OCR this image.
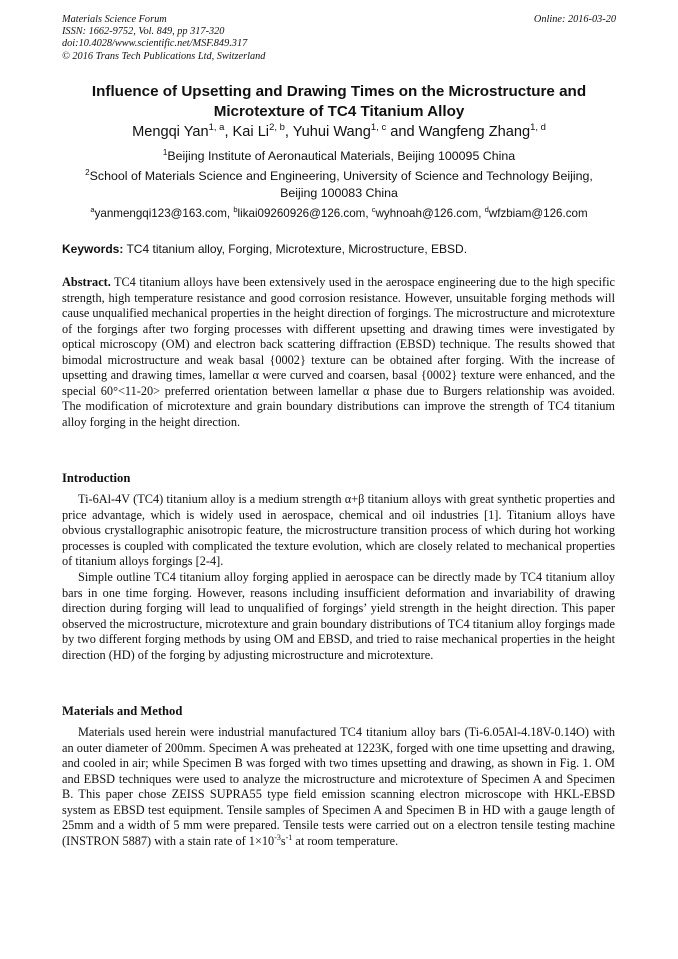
Materials Science Forum
ISSN: 1662-9752, Vol. 849, pp 317-320
doi:10.4028/www.scientific.net/MSF.849.317
© 2016 Trans Tech Publications Ltd, Switzerland
Online: 2016-03-20
Influence of Upsetting and Drawing Times on the Microstructure and
Microtexture of TC4 Titanium Alloy
Mengqi Yan$^{1, a}$, Kai Li$^{2, b}$, Yuhui Wang$^{1, c}$ and Wangfeng Zhang$^{1, d}$
$^1$Beijing Institute of Aeronautical Materials, Beijing 100095 China
$^2$School of Materials Science and Engineering, University of Science and Technology Beijing,
Beijing 100083 China
$^a$yanmengqi123@163.com, $^b$likai09260926@126.com, $^c$wyhnoah@126.com, $^d$wfzbiam@126.com
Keywords: TC4 titanium alloy, Forging, Microtexture, Microstructure, EBSD.
Abstract. TC4 titanium alloys have been extensively used in the aerospace engineering due to the high specific strength, high temperature resistance and good corrosion resistance. However, unsuitable forging methods will cause unqualified mechanical properties in the height direction of forgings. The microstructure and microtexture of the forgings after two forging processes with different upsetting and drawing times were investigated by optical microscopy (OM) and electron back scattering diffraction (EBSD) technique. The results showed that bimodal microstructure and weak basal {0002} texture can be obtained after forging. With the increase of upsetting and drawing times, lamellar α were curved and coarsen, basal {0002} texture were enhanced, and the special 60°<11-20> preferred orientation between lamellar α phase due to Burgers relationship was avoided. The modification of microtexture and grain boundary distributions can improve the strength of TC4 titanium alloy forging in the height direction.
Introduction
Ti-6Al-4V (TC4) titanium alloy is a medium strength α+β titanium alloys with great synthetic properties and price advantage, which is widely used in aerospace, chemical and oil industries [1]. Titanium alloys have obvious crystallographic anisotropic feature, the microstructure transition process of which during hot working processes is coupled with complicated the texture evolution, which are closely related to mechanical properties of titanium alloys forgings [2-4].
Simple outline TC4 titanium alloy forging applied in aerospace can be directly made by TC4 titanium alloy bars in one time forging. However, reasons including insufficient deformation and invariability of drawing direction during forging will lead to unqualified of forgings’ yield strength in the height direction. This paper observed the microstructure, microtexture and grain boundary distributions of TC4 titanium alloy forgings made by two different forging methods by using OM and EBSD, and tried to raise mechanical properties in the height direction (HD) of the forging by adjusting microstructure and microtexture.
Materials and Method
Materials used herein were industrial manufactured TC4 titanium alloy bars (Ti-6.05Al-4.18V-0.14O) with an outer diameter of 200mm. Specimen A was preheated at 1223K, forged with one time upsetting and drawing, and cooled in air; while Specimen B was forged with two times upsetting and drawing, as shown in Fig. 1. OM and EBSD techniques were used to analyze the microstructure and microtexture of Specimen A and Specimen B. This paper chose ZEISS SUPRA55 type field emission scanning electron microscope with HKL-EBSD system as EBSD test equipment. Tensile samples of Specimen A and Specimen B in HD with a gauge length of 25mm and a width of 5 mm were prepared. Tensile tests were carried out on a electron tensile testing machine (INSTRON 5887) with a stain rate of $1\times 10^{-3}s^{-1}$ at room temperature.
